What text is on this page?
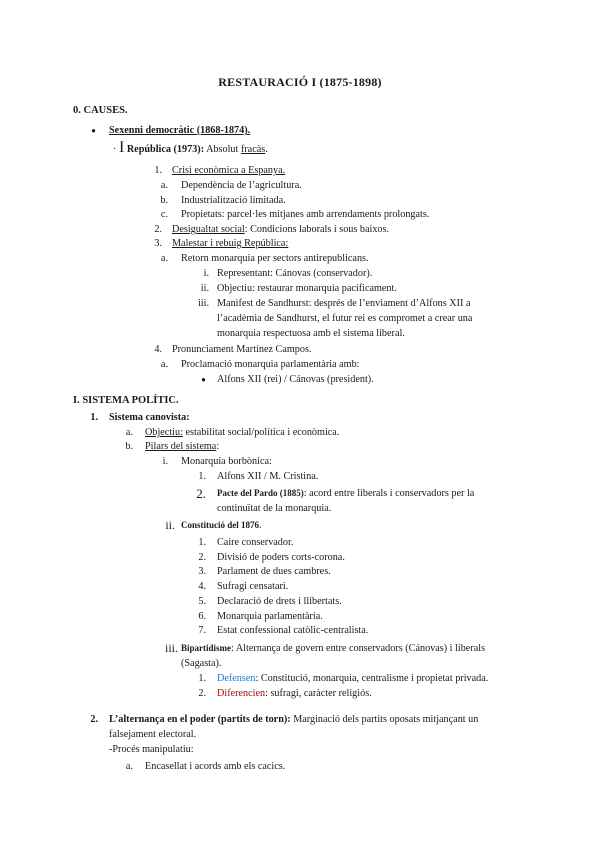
RESTAURACIÓ I (1875-1898)
0. CAUSES.
● Sexenni democràtic (1868-1874).
· I República (1973): Absolut fracàs.
1. Crisi econòmica a Espanya.
a. Dependència de l’agricultura.
b. Industrialització limitada.
c. Propietats: parcel·les mitjanes amb arrendaments prolongats.
2. Desigualtat social: Condicions laborals i sous baixos.
3. Malestar i rebuig República:
a. Retorn monarquia per sectors antirepublicans.
i. Representant: Cánovas (conservador).
ii. Objectiu: restaurar monarquia pacíficament.
iii. Manifest de Sandhurst: després de l’enviament d’Alfons XII a
l’acadèmia de Sandhurst, el futur rei es compromet a crear una
monarquia respectuosa amb el sistema liberal.
4. Pronunciament Martínez Campos.
a. Proclamació monarquia parlamentària amb:
● Alfons XII (rei) / Cánovas (president).
I. SISTEMA POLÍTIC.
1. Sistema canovista:
a. Objectiu: estabilitat social/política i econòmica.
b. Pilars del sistema:
i. Monarquia borbònica:
1. Alfons XII / M. Cristina.
2. Pacte del Pardo (1885): acord entre liberals i conservadors per la
continuïtat de la monarquia.
ii. Constitució del 1876.
1. Caire conservador.
2. Divisió de poders corts-corona.
3. Parlament de dues cambres.
4. Sufragi censatari.
5. Declaració de drets i llibertats.
6. Monarquia parlamentària.
7. Estat confessional catòlic-centralista.
iii. Bipartidisme: Alternança de govern entre conservadors (Cánovas) i liberals
(Sagasta).
1. Defensen: Constitució, monarquia, centralisme i propietat privada.
2. Diferencien: sufragi, caràcter religiós.
2. L’alternança en el poder (partits de torn): Marginació dels partits oposats mitjançant un
falsejament electoral.
-Procés manipulatiu:
a. Encasellat i acords amb els cacics.
